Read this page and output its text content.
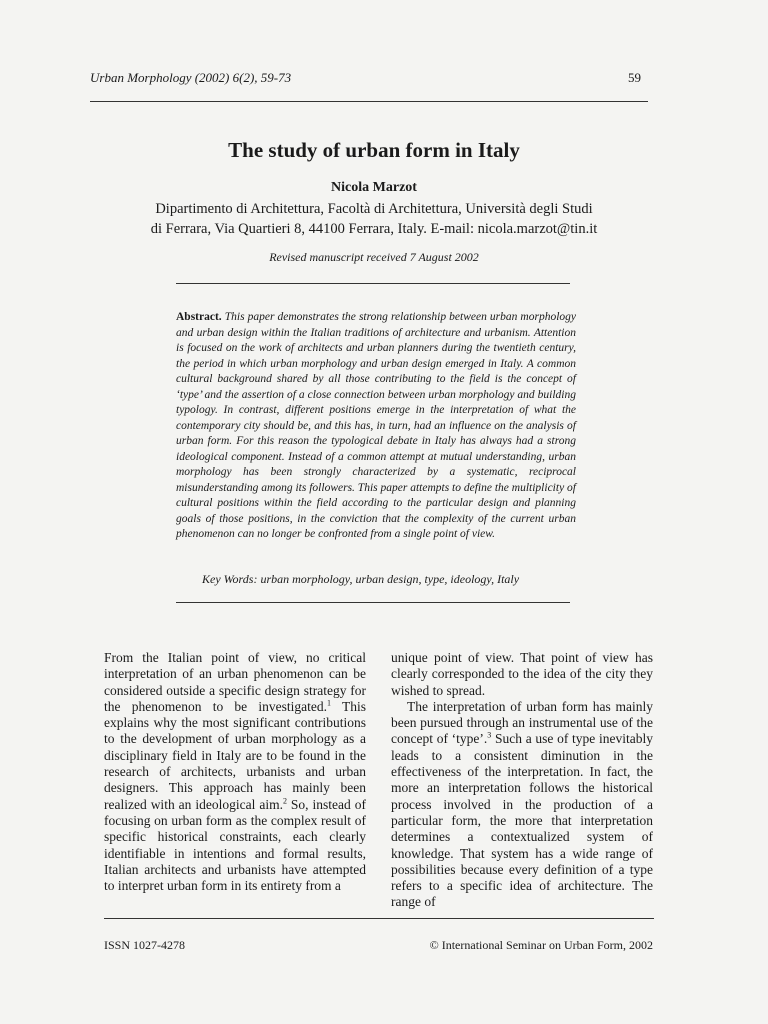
Urban Morphology (2002) 6(2), 59-73	59
The study of urban form in Italy
Nicola Marzot
Dipartimento di Architettura, Facoltà di Architettura, Università degli Studi
di Ferrara, Via Quartieri 8, 44100 Ferrara, Italy. E-mail: nicola.marzot@tin.it
Revised manuscript received 7 August 2002
Abstract. This paper demonstrates the strong relationship between urban morphology and urban design within the Italian traditions of architecture and urbanism. Attention is focused on the work of architects and urban planners during the twentieth century, the period in which urban morphology and urban design emerged in Italy. A common cultural background shared by all those contributing to the field is the concept of ‘type’ and the assertion of a close connection between urban morphology and building typology. In contrast, different positions emerge in the interpretation of what the contemporary city should be, and this has, in turn, had an influence on the analysis of urban form. For this reason the typological debate in Italy has always had a strong ideological component. Instead of a common attempt at mutual understanding, urban morphology has been strongly characterized by a systematic, reciprocal misunderstanding among its followers. This paper attempts to define the multiplicity of cultural positions within the field according to the particular design and planning goals of those positions, in the conviction that the complexity of the current urban phenomenon can no longer be confronted from a single point of view.
Key Words: urban morphology, urban design, type, ideology, Italy

From the Italian point of view, no critical interpretation of an urban phenomenon can be considered outside a specific design strategy for the phenomenon to be investigated.$^1$ This explains why the most significant contributions to the development of urban morphology as a disciplinary field in Italy are to be found in the research of architects, urbanists and urban designers. This approach has mainly been realized with an ideological aim.$^2$ So, instead of focusing on urban form as the complex result of specific historical constraints, each clearly identifiable in intentions and formal results, Italian architects and urbanists have attempted to interpret urban form in its entirety from a

unique point of view. That point of view has clearly corresponded to the idea of the city they wished to spread.

The interpretation of urban form has mainly been pursued through an instrumental use of the concept of ‘type’.$^3$ Such a use of type inevitably leads to a consistent diminution in the effectiveness of the interpretation. In fact, the more an interpretation follows the historical process involved in the production of a particular form, the more that interpretation determines a contextualized system of knowledge. That system has a wide range of possibilities because every definition of a type refers to a specific idea of architecture. The range of

ISSN 1027-4278	© International Seminar on Urban Form, 2002
